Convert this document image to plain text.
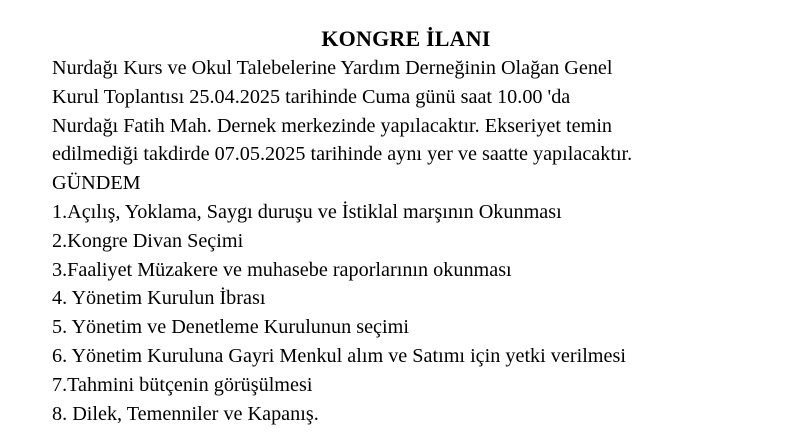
KONGRE İLANI

Nurdağı Kurs ve Okul Talebelerine Yardım Derneğinin Olağan Genel

Kurul Toplantısı 25.04.2025 tarihinde Cuma günü saat 10.00 'da

Nurdağı Fatih Mah. Dernek merkezinde yapılacaktır. Ekseriyet temin

edilmediği takdirde 07.05.2025 tarihinde aynı yer ve saatte yapılacaktır.

GÜNDEM

1.Açılış, Yoklama, Saygı duruşu ve İstiklal marşının Okunması
2.Kongre Divan Seçimi
3.Faaliyet Müzakere ve muhasebe raporlarının okunması
4. Yönetim Kurulun İbrası
5. Yönetim ve Denetleme Kurulunun seçimi
6. Yönetim Kuruluna Gayri Menkul alım ve Satımı için yetki verilmesi
7.Tahmini bütçenin görüşülmesi
8. Dilek, Temenniler ve Kapanış.
